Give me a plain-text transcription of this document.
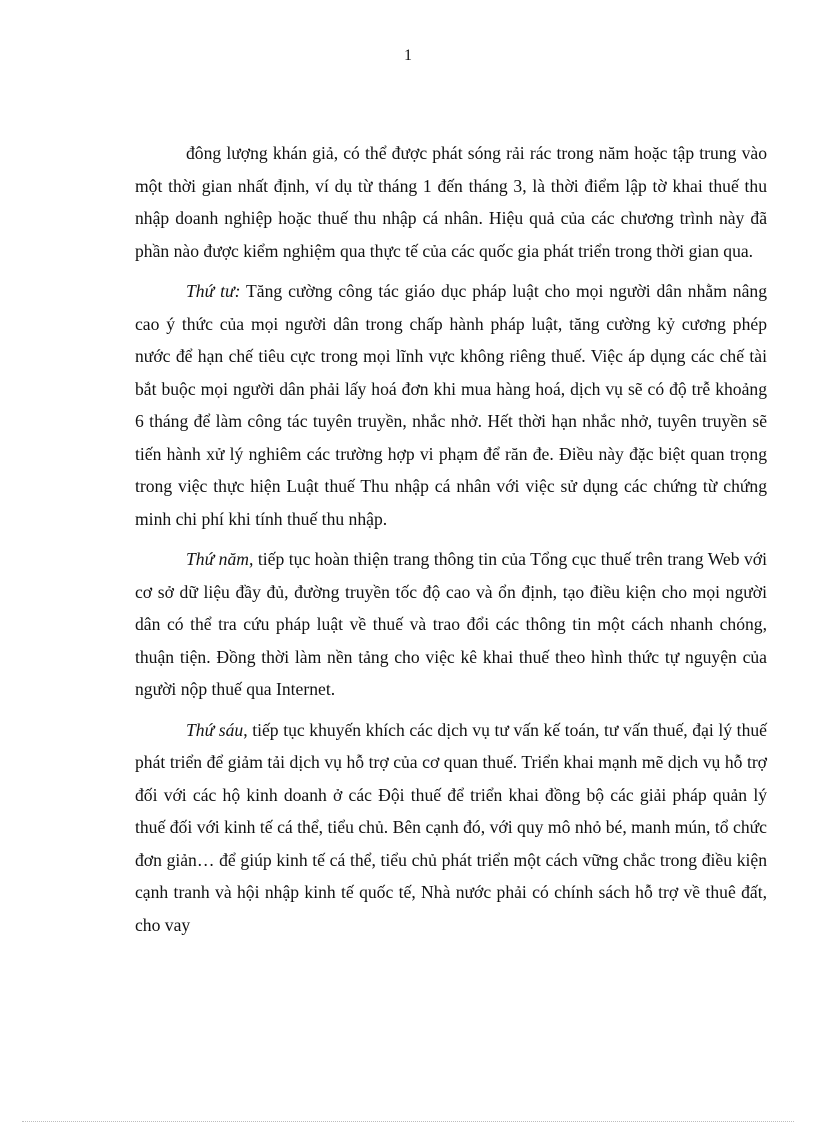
1

đông lượng khán giả, có thể được phát sóng rải rác trong năm hoặc tập trung vào một thời gian nhất định, ví dụ từ tháng 1 đến tháng 3, là thời điểm lập tờ khai thuế thu nhập doanh nghiệp hoặc thuế thu nhập cá nhân. Hiệu quả của các chương trình này đã phần nào được kiểm nghiệm qua thực tế của các quốc gia phát triển trong thời gian qua.

Thứ tư: Tăng cường công tác giáo dục pháp luật cho mọi người dân nhằm nâng cao ý thức của mọi người dân trong chấp hành pháp luật, tăng cường kỷ cương phép nước để hạn chế tiêu cực trong mọi lĩnh vực không riêng thuế. Việc áp dụng các chế tài bắt buộc mọi người dân phải lấy hoá đơn khi mua hàng hoá, dịch vụ sẽ có độ trễ khoảng 6 tháng để làm công tác tuyên truyền, nhắc nhở. Hết thời hạn nhắc nhở, tuyên truyền sẽ tiến hành xử lý nghiêm các trường hợp vi phạm để răn đe. Điều này đặc biệt quan trọng trong việc thực hiện Luật thuế Thu nhập cá nhân với việc sử dụng các chứng từ chứng minh chi phí khi tính thuế thu nhập.

Thứ năm, tiếp tục hoàn thiện trang thông tin của Tổng cục thuế trên trang Web với cơ sở dữ liệu đầy đủ, đường truyền tốc độ cao và ổn định, tạo điều kiện cho mọi người dân có thể tra cứu pháp luật về thuế và trao đổi các thông tin một cách nhanh chóng, thuận tiện. Đồng thời làm nền tảng cho việc kê khai thuế theo hình thức tự nguyện của người nộp thuế qua Internet.

Thứ sáu, tiếp tục khuyến khích các dịch vụ tư vấn kế toán, tư vấn thuế, đại lý thuế phát triển để giảm tải dịch vụ hỗ trợ của cơ quan thuế. Triển khai mạnh mẽ dịch vụ hỗ trợ đối với các hộ kinh doanh ở các Đội thuế để triển khai đồng bộ các giải pháp quản lý thuế đối với kinh tế cá thể, tiểu chủ. Bên cạnh đó, với quy mô nhỏ bé, manh mún, tổ chức đơn giản… để giúp kinh tế cá thể, tiểu chủ phát triển một cách vững chắc trong điều kiện cạnh tranh và hội nhập kinh tế quốc tế, Nhà nước phải có chính sách hỗ trợ về thuê đất, cho vay
